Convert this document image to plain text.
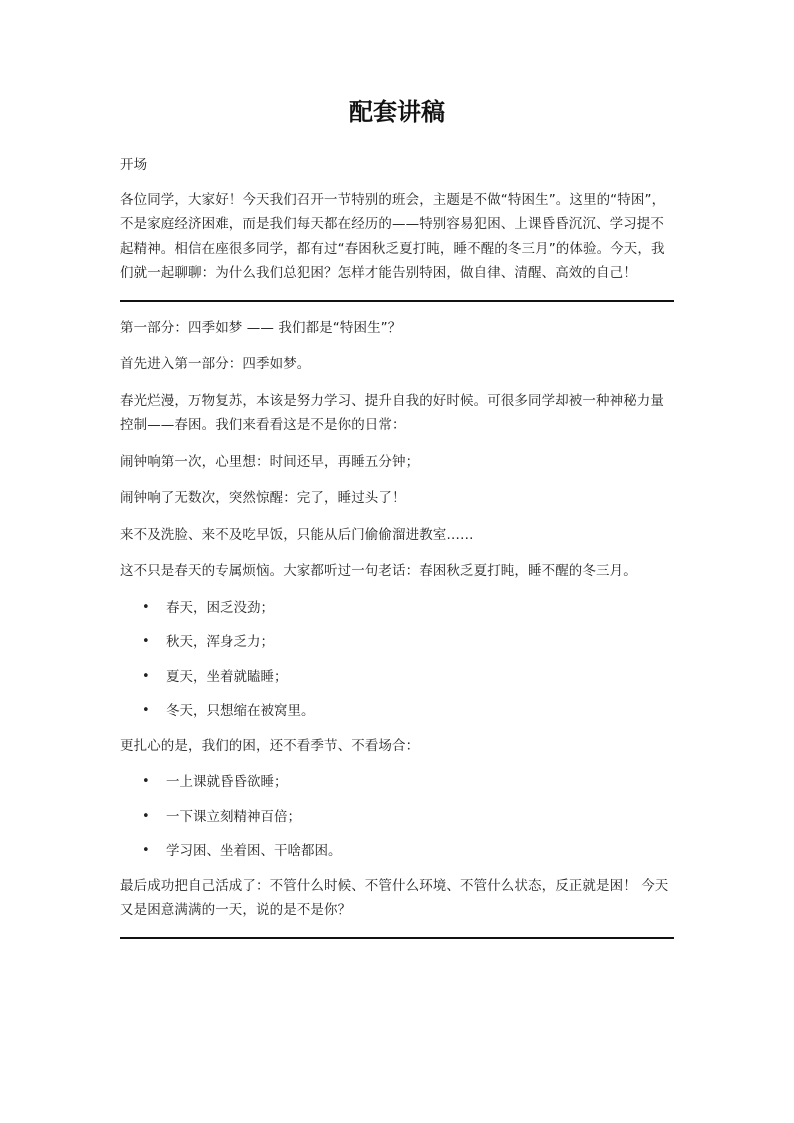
配套讲稿

开场

各位同学，大家好！今天我们召开一节特别的班会，主题是不做“特困生”。这里的“特困”，不是家庭经济困难，而是我们每天都在经历的——特别容易犯困、上课昏昏沉沉、学习提不起精神。相信在座很多同学，都有过“春困秋乏夏打盹，睡不醒的冬三月”的体验。今天，我们就一起聊聊：为什么我们总犯困？怎样才能告别特困，做自律、清醒、高效的自己！

第一部分：四季如梦 —— 我们都是“特困生”？

首先进入第一部分：四季如梦。

春光烂漫，万物复苏，本该是努力学习、提升自我的好时候。可很多同学却被一种神秘力量控制——春困。我们来看看这是不是你的日常：

闹钟响第一次，心里想：时间还早，再睡五分钟；

闹钟响了无数次，突然惊醒：完了，睡过头了！

来不及洗脸、来不及吃早饭，只能从后门偷偷溜进教室……

这不只是春天的专属烦恼。大家都听过一句老话：春困秋乏夏打盹，睡不醒的冬三月。

• 春天，困乏没劲；
• 秋天，浑身乏力；
• 夏天，坐着就瞌睡；
• 冬天，只想缩在被窝里。

更扎心的是，我们的困，还不看季节、不看场合：

• 一上课就昏昏欲睡；
• 一下课立刻精神百倍；
• 学习困、坐着困、干啥都困。

最后成功把自己活成了：不管什么时候、不管什么环境、不管什么状态，反正就是困！ 今天又是困意满满的一天，说的是不是你？
